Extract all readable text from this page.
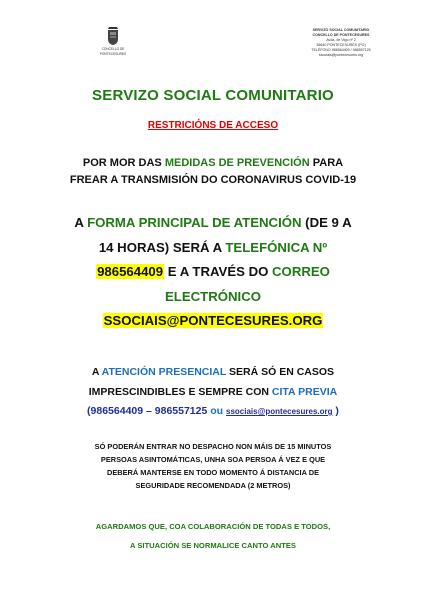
CONCELLO DE
PONTECESURES
SERVIZO SOCIAL COMUNITARIO
CONCELLO DE PONTECESURES
Avda. de Vigo nº 2
36640 PONTECESURES (PO)
TELÉFONO 986564409 / 986557125
ssociais@pontecesures.org
SERVIZO SOCIAL COMUNITARIO
RESTRICIÓNS DE ACCESO
POR MOR DAS MEDIDAS DE PREVENCIÓN PARA
FREAR A TRANSMISIÓN DO CORONAVIRUS COVID-19
A FORMA PRINCIPAL DE ATENCIÓN (DE 9 A
14 HORAS) SERÁ A TELEFÓNICA Nº
986564409 E A TRAVÉS DO CORREO
ELECTRÓNICO
SSOCIAIS@PONTECESURES.ORG
A ATENCIÓN PRESENCIAL SERÁ SÓ EN CASOS
IMPRESCINDIBLES E SEMPRE CON CITA PREVIA
(986564409 – 986557125 ou ssociais@pontecesures.org )
SÓ PODERÁN ENTRAR NO DESPACHO NON MÁIS DE 15 MINUTOS
PERSOAS ASINTOMÁTICAS, UNHA SOA PERSOA Á VEZ E QUE
DEBERÁ MANTERSE EN TODO MOMENTO Á DISTANCIA DE
SEGURIDADE RECOMENDADA (2 METROS)
AGARDAMOS QUE, COA COLABORACIÓN DE TODAS E TODOS,
A SITUACIÓN SE NORMALICE CANTO ANTES
